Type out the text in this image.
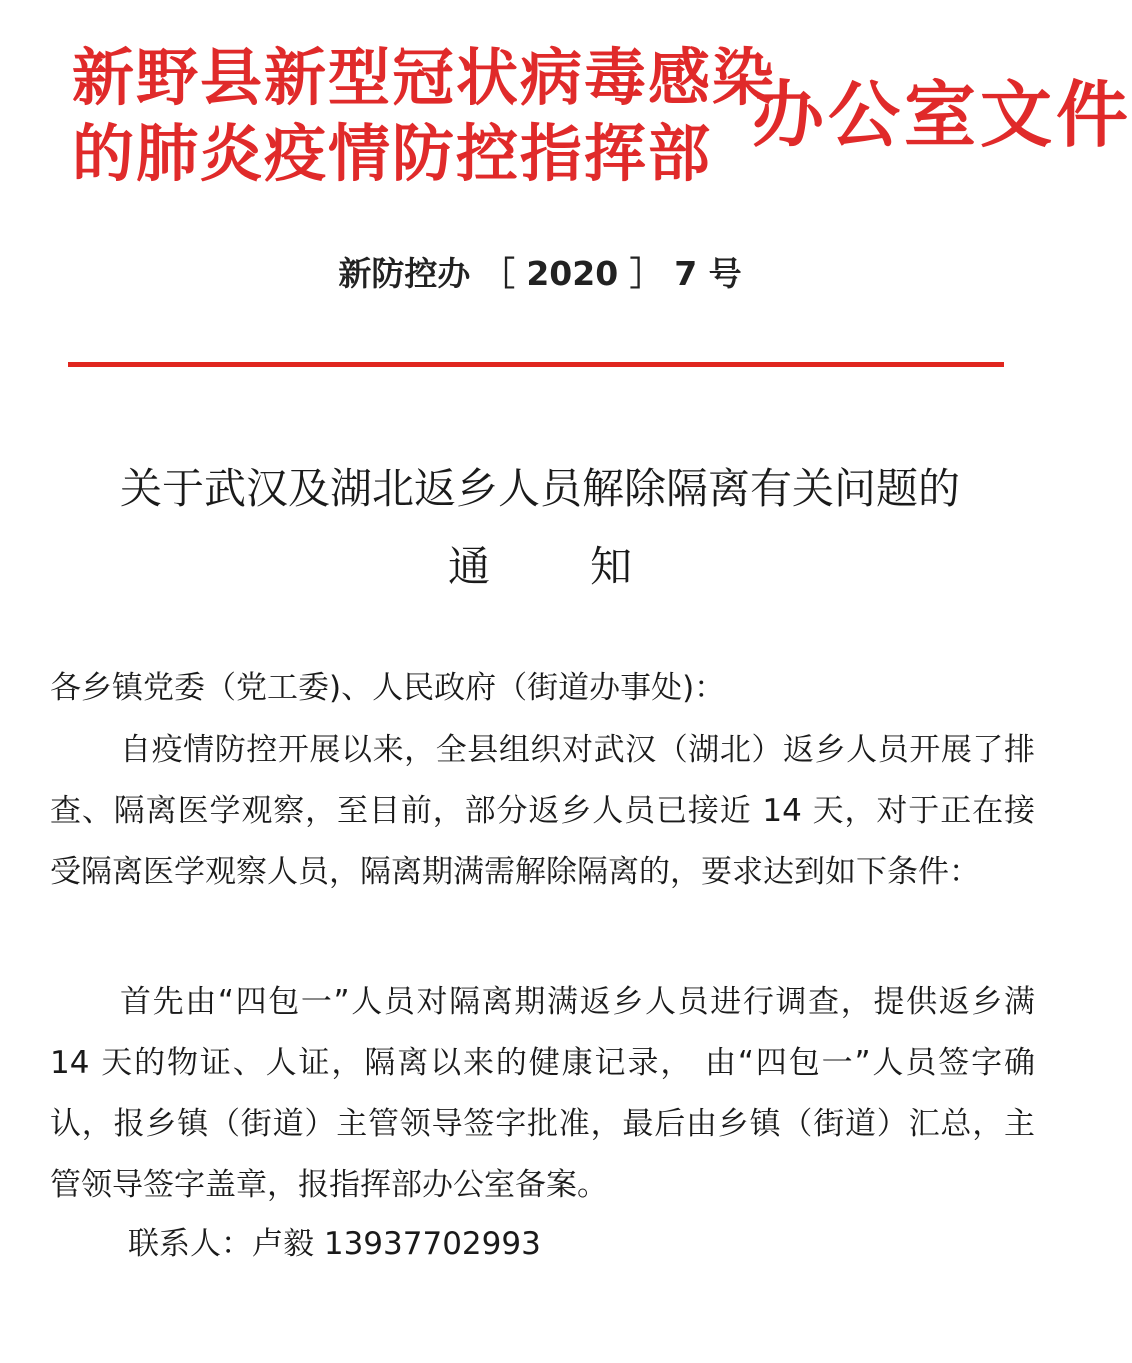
新野县新型冠状病毒感染
的肺炎疫情防控指挥部 办公室文件
新防控办 ［ 2020 ］ 7 号
关于武汉及湖北返乡人员解除隔离有关问题的
通知
各乡镇党委（党工委)、人民政府（街道办事处)：

自疫情防控开展以来，全县组织对武汉（湖北）返乡人员开展了排查、隔离医学观察，至目前，部分返乡人员已接近 14 天，对于正在接受隔离医学观察人员，隔离期满需解除隔离的，要求达到如下条件：

首先由“四包一”人员对隔离期满返乡人员进行调查，提供返乡满 14 天的物证、人证，隔离以来的健康记录， 由“四包一”人员签字确认，报乡镇（街道）主管领导签字批准，最后由乡镇（街道）汇总，主管领导签字盖章，报指挥部办公室备案。

联系人：卢毅 13937702993
